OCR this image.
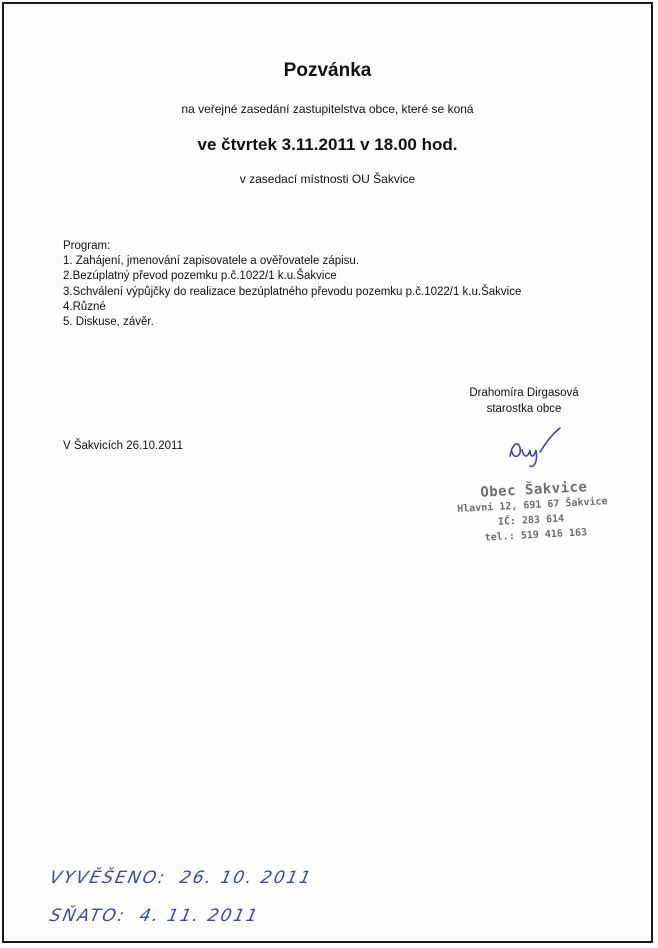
Pozvánka
na veřejné zasedání zastupitelstva obce, které se koná
ve čtvrtek 3.11.2011 v 18.00 hod.
v zasedací místnosti OU Šakvice
Program:
1. Zahájení, jmenování zapisovatele a ověřovatele zápisu.
2.Bezúplatný převod pozemku p.č.1022/1 k.u.Šakvice
3.Schválení výpůjčky do realizace bezúplatného převodu pozemku p.č.1022/1 k.u.Šakvice
4.Různé
5. Diskuse, závěr.
Drahomíra Dirgasová
starostka obce
V Šakvicích 26.10.2011
Obec Šakvice
Hlavní 12, 691 67 Šakvice
IČ: 283 614
tel.: 519 416 163
VYVĚŠENO: 26. 10. 2011
SŇATO: 4. 11. 2011
